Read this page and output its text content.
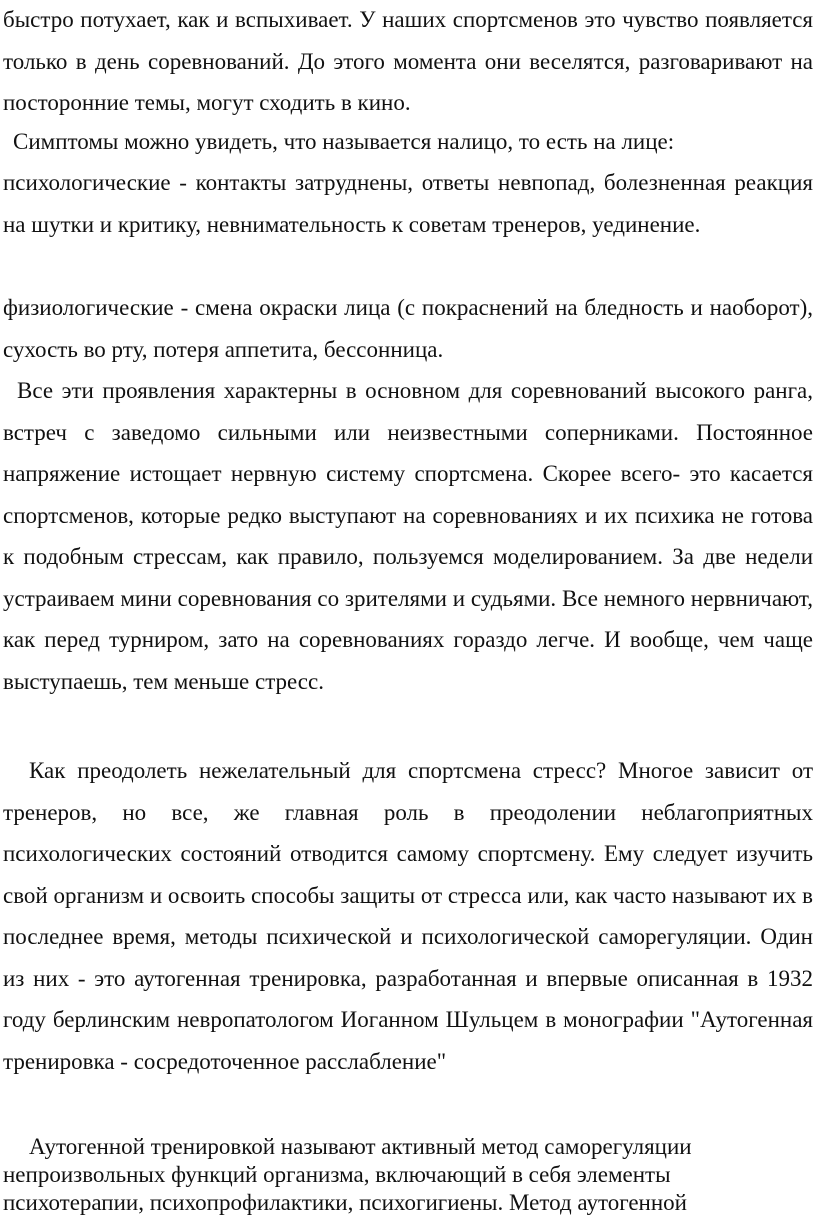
быстро потухает, как и вспыхивает. У наших спортсменов это чувство появляется только в день соревнований. До этого момента они веселятся, разговаривают на посторонние темы, могут сходить в кино.

Симптомы можно увидеть, что называется налицо, то есть на лице:

психологические - контакты затруднены, ответы невпопад, болезненная реакция на шутки и критику, невнимательность к советам тренеров, уединение.

физиологические - смена окраски лица (с покраснений на бледность и наоборот), сухость во рту, потеря аппетита, бессонница.

Все эти проявления характерны в основном для соревнований высокого ранга, встреч с заведомо сильными или неизвестными соперниками. Постоянное напряжение истощает нервную систему спортсмена. Скорее всего- это касается спортсменов, которые редко выступают на соревнованиях и их психика не готова к подобным стрессам, как правило, пользуемся моделированием. За две недели устраиваем мини соревнования со зрителями и судьями. Все немного нервничают, как перед турниром, зато на соревнованиях гораздо легче. И вообще, чем чаще выступаешь, тем меньше стресс.

Как преодолеть нежелательный для спортсмена стресс? Многое зависит от тренеров, но все, же главная роль в преодолении неблагоприятных психологических состояний отводится самому спортсмену. Ему следует изучить свой организм и освоить способы защиты от стресса или, как часто называют их в последнее время, методы психической и психологической саморегуляции. Один из них - это аутогенная тренировка, разработанная и впервые описанная в 1932 году берлинским невропатологом Иоганном Шульцем в монографии "Аутогенная тренировка - сосредоточенное расслабление"

Аутогенной тренировкой называют активный метод саморегуляции непроизвольных функций организма, включающий в себя элементы психотерапии, психопрофилактики, психогигиены. Метод аутогенной
